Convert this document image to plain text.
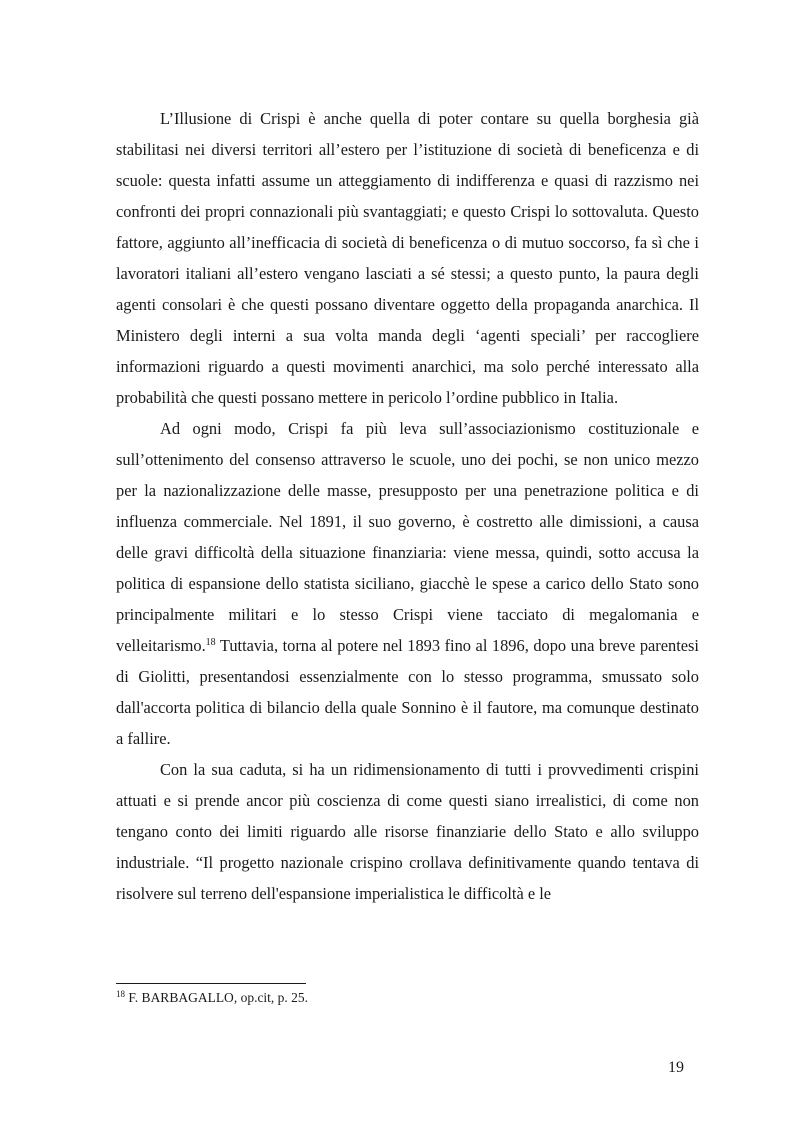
L’Illusione di Crispi è anche quella di poter contare su quella borghesia già stabilitasi nei diversi territori all’estero per l’istituzione di società di beneficenza e di scuole: questa infatti assume un atteggiamento di indifferenza e quasi di razzismo nei confronti dei propri connazionali più svantaggiati; e questo Crispi lo sottovaluta. Questo fattore, aggiunto all’inefficacia di società di beneficenza o di mutuo soccorso, fa sì che i lavoratori italiani all’estero vengano lasciati a sé stessi; a questo punto, la paura degli agenti consolari è che questi possano diventare oggetto della propaganda anarchica. Il Ministero degli interni a sua volta manda degli ‘agenti speciali’ per raccogliere informazioni riguardo a questi movimenti anarchici, ma solo perché interessato alla probabilità che questi possano mettere in pericolo l’ordine pubblico in Italia.

Ad ogni modo, Crispi fa più leva sull’associazionismo costituzionale e sull’ottenimento del consenso attraverso le scuole, uno dei pochi, se non unico mezzo per la nazionalizzazione delle masse, presupposto per una penetrazione politica e di influenza commerciale. Nel 1891, il suo governo, è costretto alle dimissioni, a causa delle gravi difficoltà della situazione finanziaria: viene messa, quindi, sotto accusa la politica di espansione dello statista siciliano, giacchè le spese a carico dello Stato sono principalmente militari e lo stesso Crispi viene tacciato di megalomania e velleitarismo.$^{18}$ Tuttavia, torna al potere nel 1893 fino al 1896, dopo una breve parentesi di Giolitti, presentandosi essenzialmente con lo stesso programma, smussato solo dall'accorta politica di bilancio della quale Sonnino è il fautore, ma comunque destinato a fallire.

Con la sua caduta, si ha un ridimensionamento di tutti i provvedimenti crispini attuati e si prende ancor più coscienza di come questi siano irrealistici, di come non tengano conto dei limiti riguardo alle risorse finanziarie dello Stato e allo sviluppo industriale. “Il progetto nazionale crispino crollava definitivamente quando tentava di risolvere sul terreno dell'espansione imperialistica le difficoltà e le

$^{18}$ F. BARBAGALLO, op.cit, p. 25.

19
